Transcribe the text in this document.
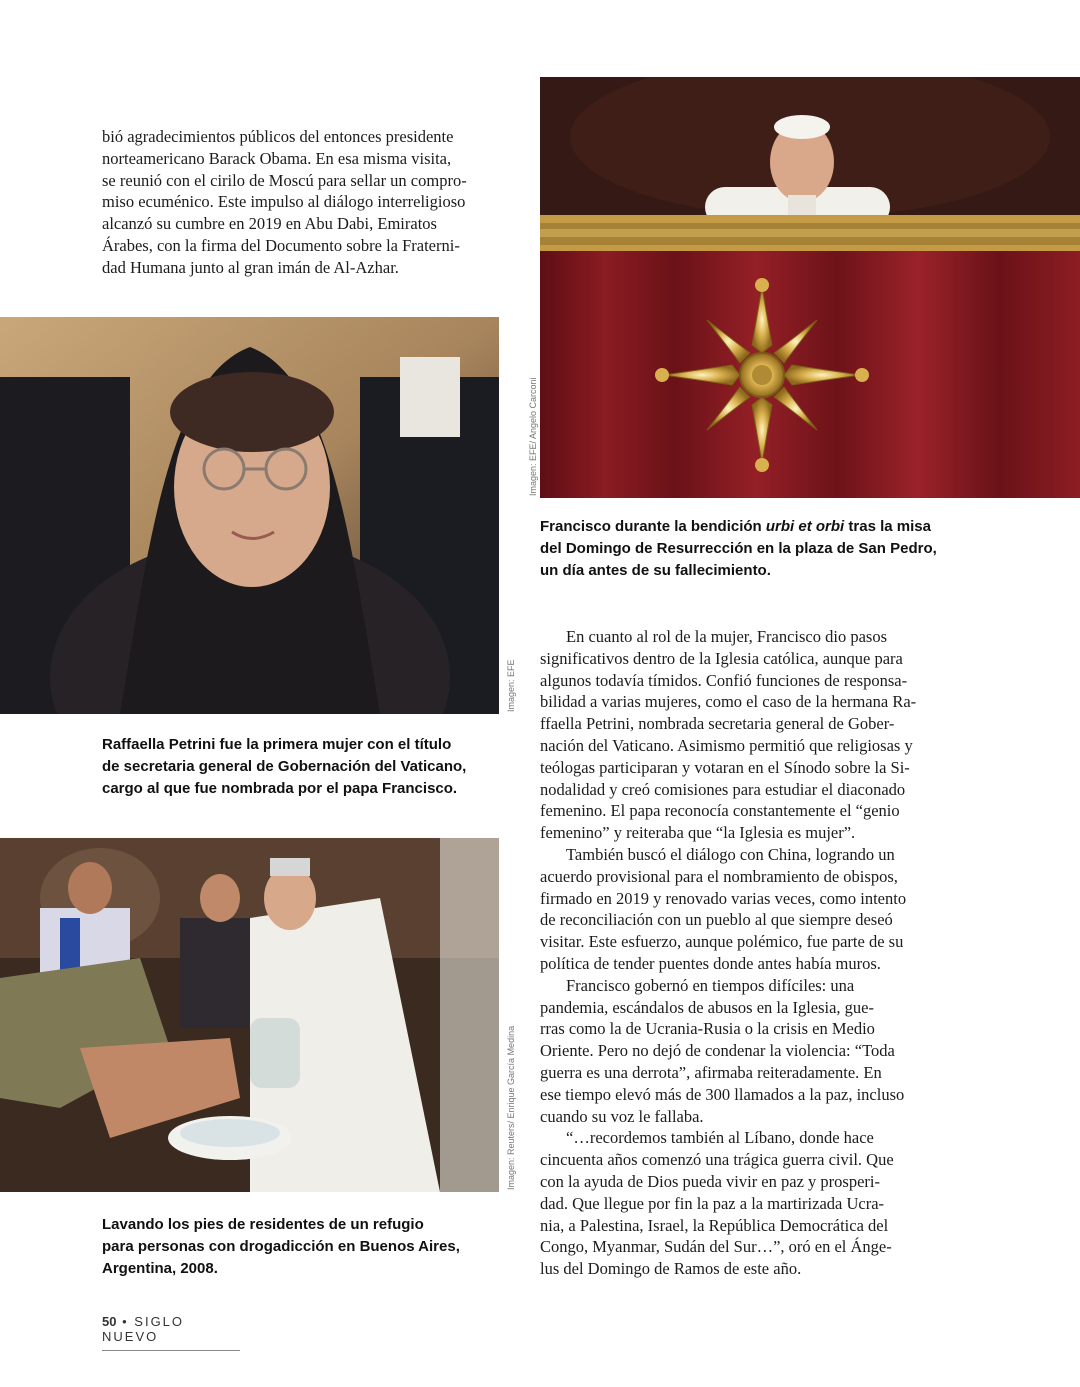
bió agradecimientos públicos del entonces presidente

norteamericano Barack Obama. En esa misma visita,

se reunió con el cirilo de Moscú para sellar un compro-

miso ecuménico. Este impulso al diálogo interreligioso

alcanzó su cumbre en 2019 en Abu Dabi, Emiratos

Árabes, con la firma del Documento sobre la Fraterni-

dad Humana junto al gran imán de Al-Azhar.

Imagen: EFE/ Angelo Carconi

Francisco durante la bendición urbi et orbi tras la misa

del Domingo de Resurrección en la plaza de San Pedro,

un día antes de su fallecimiento.

Imagen: EFE

Raffaella Petrini fue la primera mujer con el título

de secretaria general de Gobernación del Vaticano,

cargo al que fue nombrada por el papa Francisco.

Imagen: Reuters/ Enrique García Medina

Lavando los pies de residentes de un refugio

para personas con drogadicción en Buenos Aires,

Argentina, 2008.

En cuanto al rol de la mujer, Francisco dio pasos

significativos dentro de la Iglesia católica, aunque para

algunos todavía tímidos. Confió funciones de responsa-

bilidad a varias mujeres, como el caso de la hermana Ra-

ffaella Petrini, nombrada secretaria general de Gober-

nación del Vaticano. Asimismo permitió que religiosas y

teólogas participaran y votaran en el Sínodo sobre la Si-

nodalidad y creó comisiones para estudiar el diaconado

femenino. El papa reconocía constantemente el “genio

femenino” y reiteraba que “la Iglesia es mujer”.

También buscó el diálogo con China, logrando un

acuerdo provisional para el nombramiento de obispos,

firmado en 2019 y renovado varias veces, como intento

de reconciliación con un pueblo al que siempre deseó

visitar. Este esfuerzo, aunque polémico, fue parte de su

política de tender puentes donde antes había muros.

Francisco gobernó en tiempos difíciles: una

pandemia, escándalos de abusos en la Iglesia, gue-

rras como la de Ucrania-Rusia o la crisis en Medio

Oriente. Pero no dejó de condenar la violencia: “Toda

guerra es una derrota”, afirmaba reiteradamente. En

ese tiempo elevó más de 300 llamados a la paz, incluso

cuando su voz le fallaba.

“…recordemos también al Líbano, donde hace

cincuenta años comenzó una trágica guerra civil. Que

con la ayuda de Dios pueda vivir en paz y prosperi-

dad. Que llegue por fin la paz a la martirizada Ucra-

nia, a Palestina, Israel, la República Democrática del

Congo, Myanmar, Sudán del Sur…”, oró en el Ánge-

lus del Domingo de Ramos de este año.

50 • SIGLO NUEVO
